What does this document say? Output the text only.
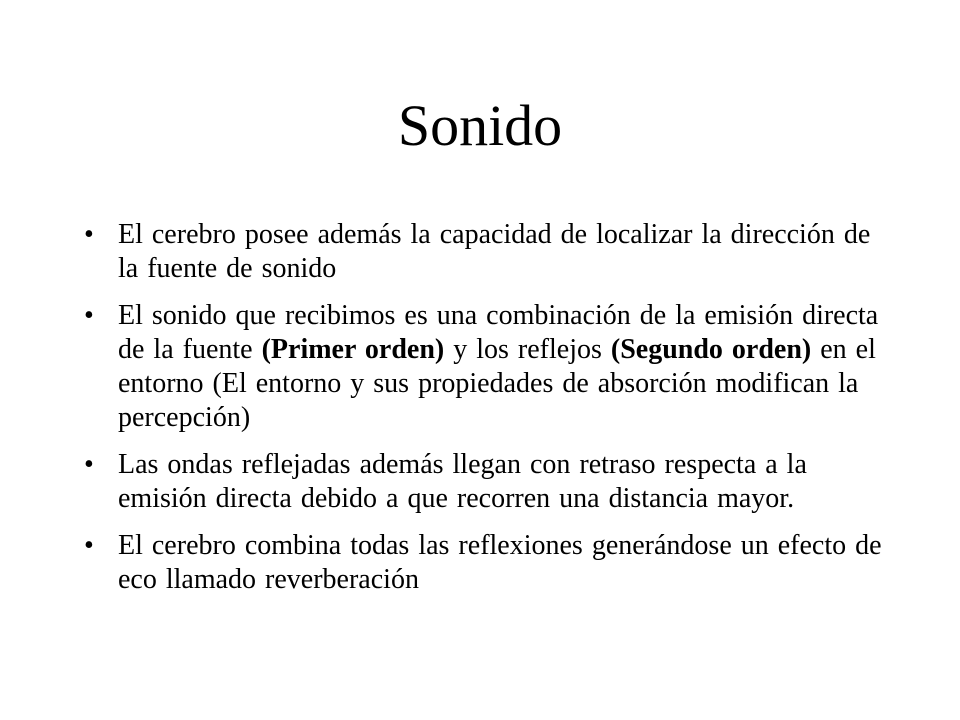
Sonido
• El cerebro posee además la capacidad de localizar la dirección de la fuente de sonido
• El sonido que recibimos es una combinación de la emisión directa de la fuente (Primer orden) y los reflejos (Segundo orden) en el entorno (El entorno y sus propiedades de absorción modifican la percepción)
• Las ondas reflejadas además llegan con retraso respecta a la emisión directa debido a que recorren una distancia mayor.
• El cerebro combina todas las reflexiones generándose un efecto de eco llamado reverberación
